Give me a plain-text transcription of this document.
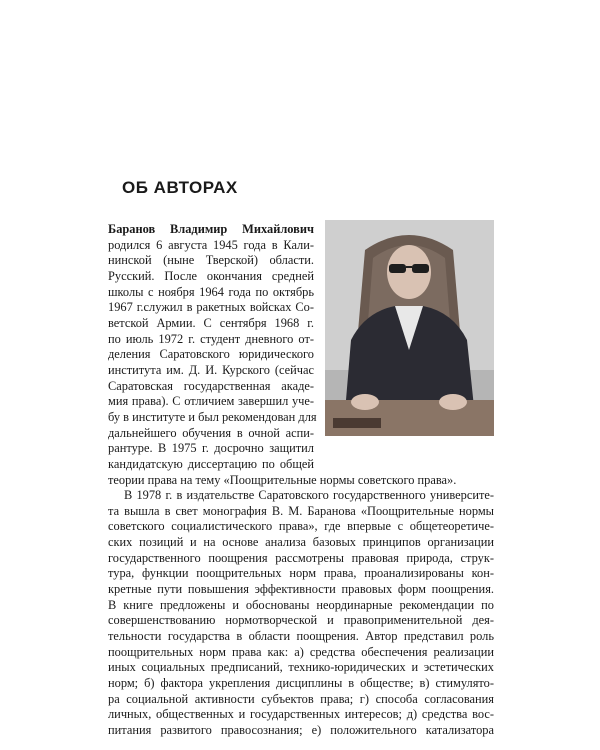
ОБ АВТОРАХ

Баранов Владимир Михайлович
родился 6 августа 1945 года в Кали-
нинской (ныне Тверской) области.
Русский. После окончания средней
школы с ноября 1964 года по октябрь
1967 г.служил в ракетных войсках Со-
ветской Армии. С сентября 1968 г.
по июль 1972 г. студент дневного от-
деления Саратовского юридического
института им. Д. И. Курского (сейчас
Саратовская государственная акаде-
мия права). С отличием завершил уче-
бу в институте и был рекомендован для
дальнейшего обучения в очной аспи-
рантуре. В 1975 г. досрочно защитил
кандидатскую диссертацию по общей
теории права на тему «Поощрительные нормы советского права».

В 1978 г. в издательстве Саратовского государственного университе-
та вышла в свет монография В. М. Баранова «Поощрительные нормы
советского социалистического права», где впервые с общетеоретиче-
ских позиций и на основе анализа базовых принципов организации
государственного поощрения рассмотрены правовая природа, струк-
тура, функции поощрительных норм права, проанализированы кон-
кретные пути повышения эффективности правовых форм поощрения.
В книге предложены и обоснованы неординарные рекомендации по
совершенствованию нормотворческой и правоприменительной дея-
тельности государства в области поощрения. Автор представил роль
поощрительных норм права как: а) средства обеспечения реализации
иных социальных предписаний, технико-юридических и эстетических
норм; б) фактора укрепления дисциплины в обществе; в) стимулято-
ра социальной активности субъектов права; г) способа согласования
личных, общественных и государственных интересов; д) средства вос-
питания развитого правосознания; е) положительного катализатора
